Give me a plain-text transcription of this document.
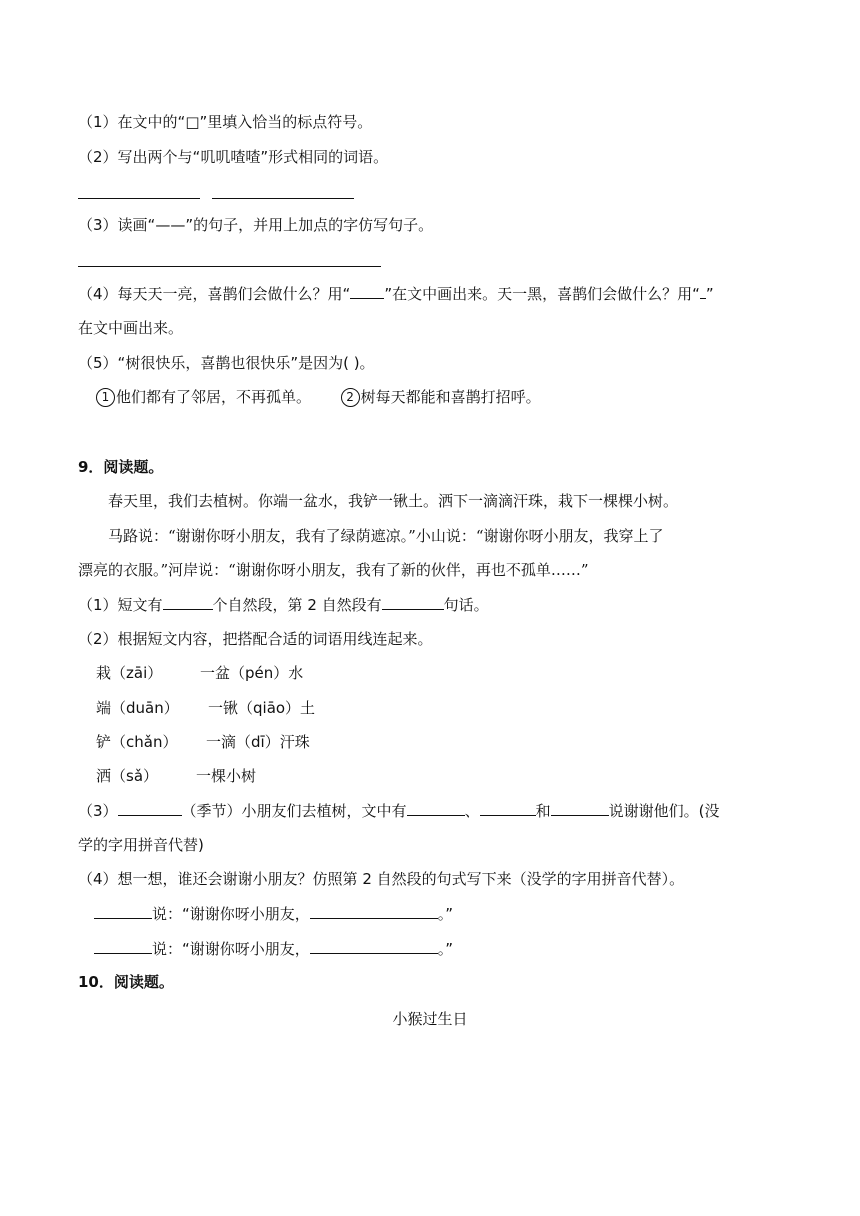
（1）在文中的“□”里填入恰当的标点符号。
（2）写出两个与“叽叽喳喳”形式相同的词语。
（3）读画“——”的句子，并用上加点的字仿写句子。
（4）每天天一亮，喜鹊们会做什么？用“ ”在文中画出来。天一黑，喜鹊们会做什么？用“ ”
在文中画出来。
（5）“树很快乐，喜鹊也很快乐”是因为( )。
1 他们都有了邻居，不再孤单。	2 树每天都能和喜鹊打招呼。
9．阅读题。
春天里，我们去植树。你端一盆水，我铲一锹土。洒下一滴滴汗珠，栽下一棵棵小树。
马路说：“谢谢你呀小朋友，我有了绿荫遮凉。”小山说：“谢谢你呀小朋友，我穿上了
漂亮的衣服。”河岸说：“谢谢你呀小朋友，我有了新的伙伴，再也不孤单……”
（1）短文有	个自然段，第 2 自然段有	句话。
（2）根据短文内容，把搭配合适的词语用线连起来。
栽（zāi）	一盆（pén）水
端（duān） 一锹（qiāo）土
铲（chǎn） 一滴（dī）汗珠
洒（sǎ）	一棵小树
（3）	（季节）小朋友们去植树，文中有	、	和	说谢谢他们。(没
学的字用拼音代替)
（4）想一想，谁还会谢谢小朋友？仿照第 2 自然段的句式写下来（没学的字用拼音代替）。
说：“谢谢你呀小朋友，	。”
说：“谢谢你呀小朋友，	。”
10．阅读题。
小猴过生日
